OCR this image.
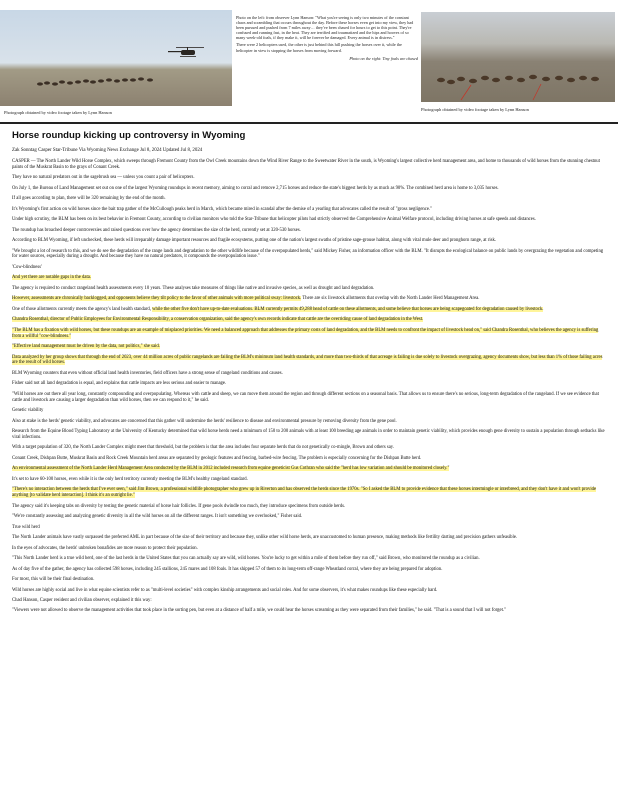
Photograph obtained by video footage taken by Lynn Hanson

Photo on the left: from observer Lynn Hanson: "What you're seeing is only two minutes of the constant chaos and scrambling that occurs throughout the day. Before these horses even get into my view, they had been pursued and pushed from 7 miles away… they've been chased for hours to get to this point. They're confused and running fast, in the heat. They are terrified and traumatized and the hips and hooves of so many week-old foals, if they make it, will be forever be damaged. Every animal is in distress."

There were 2 helicopters used, the other is just behind this hill pushing the horses over it, while the helicopter in view is stopping the horses from moving forward.

Photo on the right: Tiny foals are chased

Photograph obtained by video footage taken by Lynn Hanson
Horse roundup kicking up controversy in Wyoming
Zak Sonntag Casper Star-Tribune Via Wyoming News Exchange Jul 8, 2024 Updated Jul 8, 2024

CASPER — The North Lander Wild Horse Complex, which sweeps through Fremont County from the Owl Creek mountains down the Wind River Range to the Sweetwater River in the south, is Wyoming's largest collective herd management area, and home to thousands of wild horses from the stunning chestnut paints of the Muskrat Basin to the grays of Conant Creek.

They have no natural predators out in the sagebrush sea — unless you count a pair of helicopters.

On July 1, the Bureau of Land Management set out on one of the largest Wyoming roundups in recent memory, aiming to corral and remove 2,715 horses and reduce the state's biggest herds by as much as 90%. The combined herd area is home to 3,035 horses.

If all goes according to plan, there will be 320 remaining by the end of the month.

It's Wyoming's first action on wild horses since the bait trap gather of the McCullough peaks herd in March, which became mired in scandal after the demise of a yearling that advocates called the result of "gross negligence."

Under high scrutiny, the BLM has been on its best behavior in Fremont County, according to civilian monitors who told the Star-Tribune that helicopter pilots had strictly observed the Comprehensive Animal Welfare protocol, including driving horses at safe speeds and distances.

The roundup has broached deeper controversies and raised questions over how the agency determines the size of the herd, currently set at 320-530 horses.

According to BLM Wyoming, if left unchecked, these herds will irreparably damage important resources and fragile ecosystems, putting one of the nation's largest swaths of pristine sage-grouse habitat, along with vital mule deer and pronghorn range, at risk.

"We brought a lot of research to this, and we do see the degradation of the range lands and degradation to the other wildlife because of the overpopulated herds," said Mickey Fisher, an information officer with the BLM. "It disrupts the ecological balance on public lands by overgrazing the vegetation and competing for water sources, especially during a drought. And because they have no natural predators, it compounds the overpopulation issue."

'Cow-blindness'

And yet there are notable gaps in the data.

The agency is required to conduct rangeland health assessments every 10 years. These analyses take measures of things like native and invasive species, as well as drought and land degradation.

However, assessments are chronically backlogged, and opponents believe they tilt policy to the favor of other animals with more political sway: livestock. There are six livestock allotments that overlap with the North Lander Herd Management Area.

One of those allotments currently meets the agency's land health standard, while the other five don't have up-to-date evaluations. BLM currently permits 49,288 head of cattle on these allotments, and some believe that horses are being scapegoated for degradation caused by livestock.

Chandra Rosenthal, director of Public Employees for Environmental Responsibility, a conservation organization, said the agency's own records indicate that cattle are the overriding cause of land degradation in the West.

"The BLM has a fixation with wild horses, but these roundups are an example of misplaced priorities. We need a balanced approach that addresses the primary costs of land degradation, and the BLM needs to confront the impact of livestock head on," said Chandra Rosenthal, who believes the agency is suffering from a willful "cow-blindness."

"Effective land management must be driven by the data, not politics," she said.

Data analyzed by her group shows that through the end of 2023, over 44 million acres of public rangelands are failing the BLM's minimum land health standards, and more than two-thirds of that acreage is failing is due solely to livestock overgrazing, agency documents show, but less than 1% of those failing acres are the result of wild horses.

BLM Wyoming counters that even without official land health inventories, field officers have a strong sense of rangeland conditions and causes.

Fisher said not all land degradation is equal, and explains that cattle impacts are less serious and easier to manage.

"Wild horses are out there all year long, constantly compounding and overpopulating. Whereas with cattle and sheep, we can move them around the region and through different sections on a seasonal basis. That allows us to ensure there's no serious, long-term degradation of the rangeland. If we see evidence that cattle and livestock are causing a larger degradation than wild horses, then we can respond to it," he said.

Genetic viability

Also at stake is the herds' genetic viability, and advocates are concerned that this gather will undermine the herds' resilience to disease and environmental pressure by removing diversity from the gene pool.

Research from the Equine Blood Typing Laboratory at the University of Kentucky determined that wild horse herds need a minimum of 150 to 200 animals with at least 100 breeding age animals in order to maintain genetic viability, which provides enough gene diversity to sustain a population through setbacks like viral infections.

With a target population of 320, the North Lander Complex might meet that threshold, but the problem is that the area includes four separate herds that do not genetically co-mingle, Brown and others say.

Conant Creek, Dishpan Butte, Muskrat Basin and Rock Creek Mountain herd areas are separated by geologic features and fencing, barbed-wire fencing. The problem is especially concerning for the Dishpan Butte herd.

An environmental assessment of the North Lander Herd Management Area conducted by the BLM in 2012 included research from equine geneticist Gus Cothran who said the "herd has low variation and should be monitored closely."

It's set to have 60-100 horses, even while it is the only herd territory currently meeting the BLM's healthy rangeland standard.

"There's no interaction between the herds that I've ever seen," said Jim Brown, a professional wildlife photographer who grew up in Riverton and has observed the herds since the 1970s. "So I asked the BLM to provide evidence that these horses intermingle or interbreed, and they don't have it and won't provide anything [to validate herd interaction]. I think it's an outright lie."

The agency said it's keeping tabs on diversity by testing the genetic material of horse hair follicles. If gene pools dwindle too much, they introduce specimens from outside herds.

"We're constantly assessing and analyzing genetic diversity in all the wild horses on all the different ranges. It isn't something we overlooked," Fisher said.

True wild herd

The North Lander animals have vastly surpassed the preferred AML in part because of the size of their territory and because they, unlike other wild horse herds, are unaccustomed to human presence, making methods like fertility darting and precision gathers unfeasible.

In the eyes of advocates, the herds' unbroken bonafides are more reason to protect their population.

"This North Lander herd is a true wild herd, one of the last herds in the United States that you can actually say are wild, wild horses. You're lucky to get within a mile of them before they run off," said Brown, who monitored the roundup as a civilian.

As of day five of the gather, the agency has collected 598 horses, including 245 stallions, 245 mares and 108 foals. It has shipped 57 of them to its long-term off-range Wheatland corral, where they are being prepared for adoption.

For most, this will be their final destination.

Wild horses are highly social and live in what equine scientists refer to as "multi-level societies" with complex kinship arrangements and social roles. And for some observers, it's what makes roundups like these especially hard.

Chad Hanson, Casper resident and civilian observer, explained it this way:

"Viewers were not allowed to observe the management activities that took place in the sorting pen, but even at a distance of half a mile, we could hear the horses screaming as they were separated from their families," he said. "That is a sound that I will not forget."
